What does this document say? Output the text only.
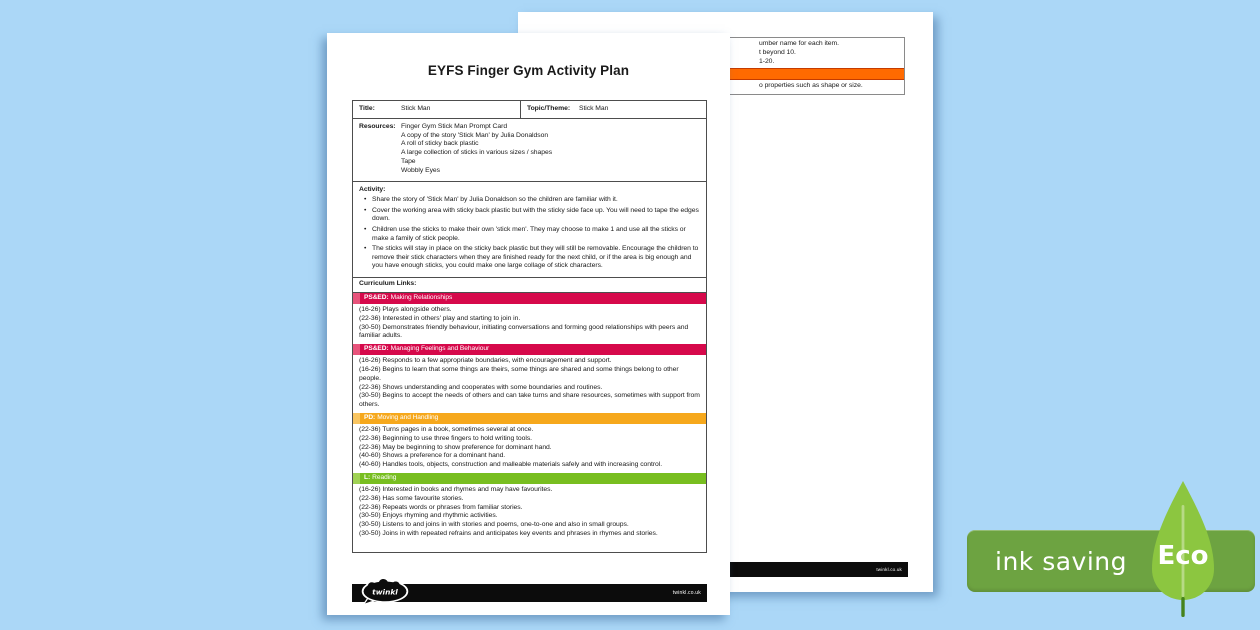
umber name for each item.
t beyond 10.
1-20.
o properties such as shape or size.
twinkl.co.uk
EYFS Finger Gym Activity Plan
Title:	Stick Man	Topic/Theme:	Stick Man
Resources: Finger Gym Stick Man Prompt Card
A copy of the story 'Stick Man' by Julia Donaldson
A roll of sticky back plastic
A large collection of sticks in various sizes / shapes
Tape
Wobbly Eyes
Activity:
• Share the story of 'Stick Man' by Julia Donaldson so the children are familiar with it.
• Cover the working area with sticky back plastic but with the sticky side face up. You will need to tape the edges down.
• Children use the sticks to make their own 'stick men'. They may choose to make 1 and use all the sticks or make a family of stick people.
• The sticks will stay in place on the sticky back plastic but they will still be removable. Encourage the children to remove their stick characters when they are finished ready for the next child, or if the area is big enough and you have enough sticks, you could make one large collage of stick characters.
Curriculum Links:
PS&ED: Making Relationships
(16-26) Plays alongside others.
(22-36) Interested in others' play and starting to join in.
(30-50) Demonstrates friendly behaviour, initiating conversations and forming good relationships with peers and familiar adults.
PS&ED: Managing Feelings and Behaviour
(16-26) Responds to a few appropriate boundaries, with encouragement and support.
(16-26) Begins to learn that some things are theirs, some things are shared and some things belong to other people.
(22-36) Shows understanding and cooperates with some boundaries and routines.
(30-50) Begins to accept the needs of others and can take turns and share resources, sometimes with support from others.
PD: Moving and Handling
(22-36) Turns pages in a book, sometimes several at once.
(22-36) Beginning to use three fingers to hold writing tools.
(22-36) May be beginning to show preference for dominant hand.
(40-60) Shows a preference for a dominant hand.
(40-60) Handles tools, objects, construction and malleable materials safely and with increasing control.
L: Reading
(16-26) Interested in books and rhymes and may have favourites.
(22-36) Has some favourite stories.
(22-36) Repeats words or phrases from familiar stories.
(30-50) Enjoys rhyming and rhythmic activities.
(30-50) Listens to and joins in with stories and poems, one-to-one and also in small groups.
(30-50) Joins in with repeated refrains and anticipates key events and phrases in rhymes and stories.
twinkl	twinkl.co.uk
ink saving	Eco
